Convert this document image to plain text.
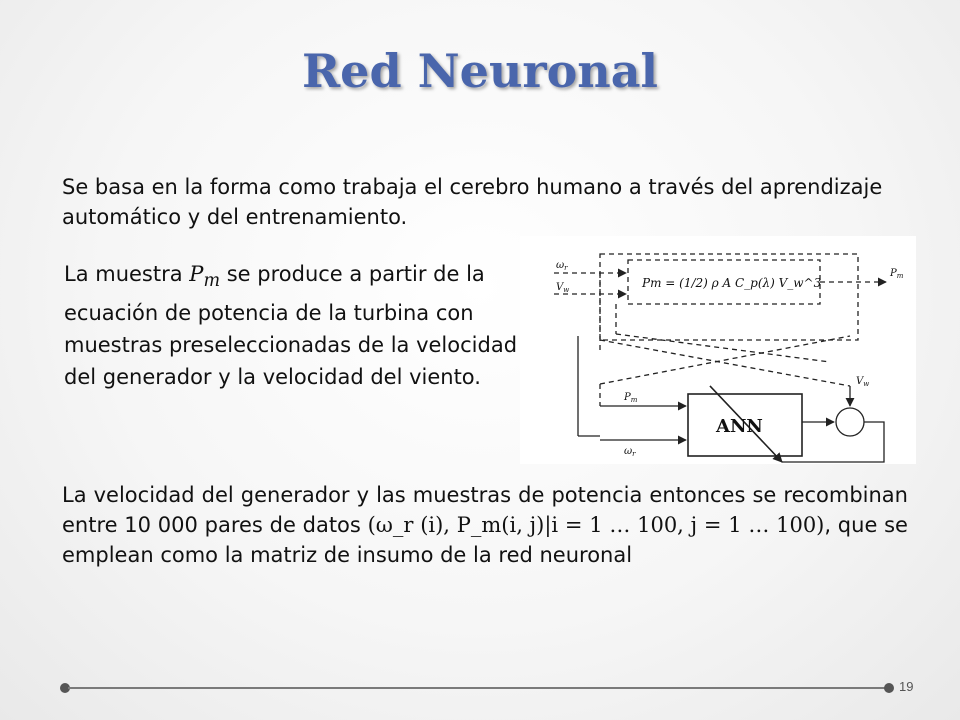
Red Neuronal
Se basa en la forma como trabaja el cerebro humano a través del aprendizaje automático y del entrenamiento.
La muestra $P_m$ se produce a partir de la ecuación de potencia de la turbina con muestras preseleccionadas de la velocidad del generador y la velocidad del viento.
Pm = (1/2) ρ A C_p(λ) V_w^3
$\omega_r$
$V_w$
$P_m$
$P_m$
$\omega_r$
$V_w$
ANN
La velocidad del generador y las muestras de potencia entonces se recombinan entre 10 000 pares de datos (ω_r (i), P_m(i, j)|i = 1 … 100, j = 1 … 100), que se emplean como la matriz de insumo de la red neuronal
19
